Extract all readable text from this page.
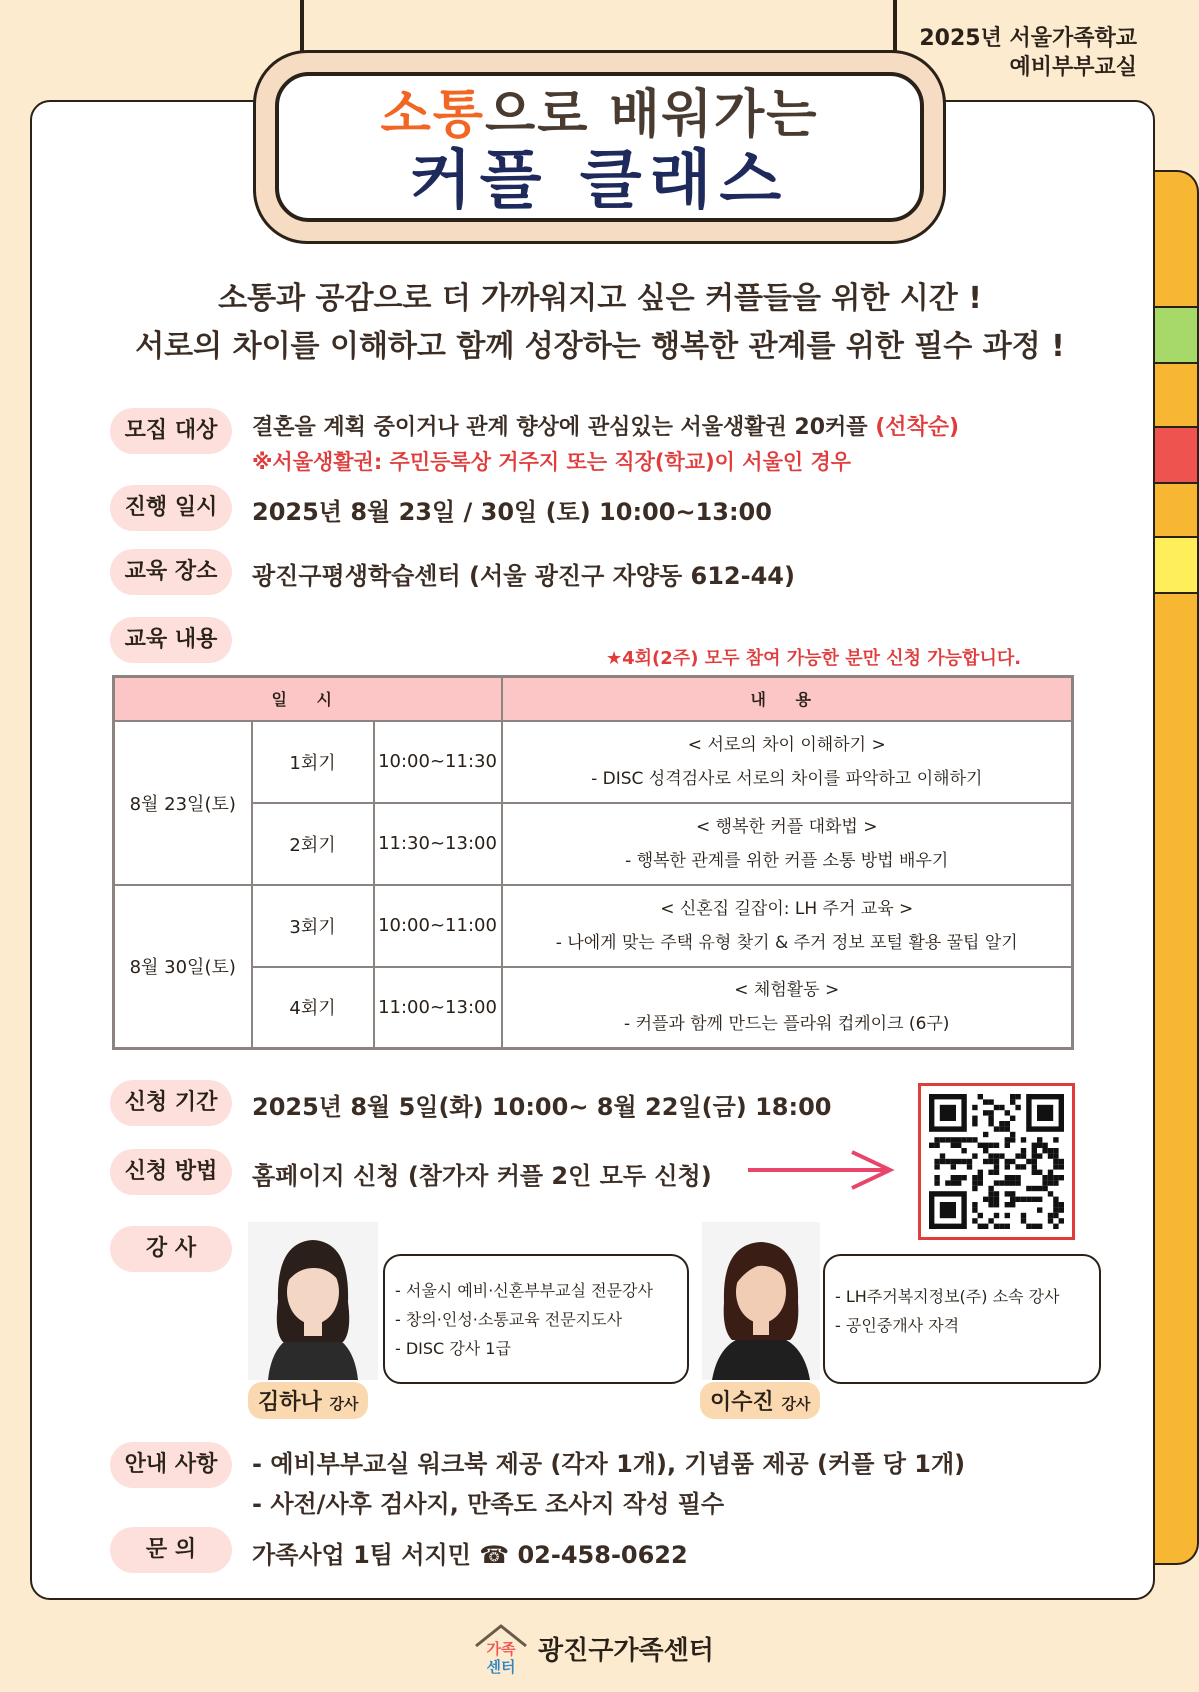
2025년 서울가족학교
예비부부교실
소통으로 배워가는
커플 클래스
소통과 공감으로 더 가까워지고 싶은 커플들을 위한 시간 !
서로의 차이를 이해하고 함께 성장하는 행복한 관계를 위한 필수 과정 !
모집 대상	결혼을 계획 중이거나 관계 향상에 관심있는 서울생활권 20커플 (선착순)
※서울생활권: 주민등록상 거주지 또는 직장(학교)이 서울인 경우
진행 일시	2025년 8월 23일 / 30일 (토) 10:00~13:00
교육 장소	광진구평생학습센터 (서울 광진구 자양동 612-44)
교육 내용
★4회(2주) 모두 참여 가능한 분만 신청 가능합니다.
일 시			내 용
8월 23일(토)	1회기	10:00~11:30	< 서로의 차이 이해하기 >
- DISC 성격검사로 서로의 차이를 파악하고 이해하기

	2회기	11:30~13:00	< 행복한 커플 대화법 >
- 행복한 관계를 위한 커플 소통 방법 배우기

8월 30일(토)	3회기	10:00~11:00	< 신혼집 길잡이: LH 주거 교육 >
- 나에게 맞는 주택 유형 찾기 & 주거 정보 포털 활용 꿀팁 알기

	4회기	11:00~13:00	< 체험활동 >
- 커플과 함께 만드는 플라워 컵케이크 (6구)
신청 기간	2025년 8월 5일(화) 10:00~ 8월 22일(금) 18:00
신청 방법	홈페이지 신청 (참가자 커플 2인 모두 신청)
강 사
- 서울시 예비·신혼부부교실 전문강사
- 창의·인성·소통교육 전문지도사
- DISC 강사 1급
김하나 강사
- LH주거복지정보(주) 소속 강사
- 공인중개사 자격
이수진 강사
안내 사항	- 예비부부교실 워크북 제공 (각자 1개), 기념품 제공 (커플 당 1개)
- 사전/사후 검사지, 만족도 조사지 작성 필수
문 의	가족사업 1팀 서지민 ☎ 02-458-0622
가족
센터
광진구가족센터
